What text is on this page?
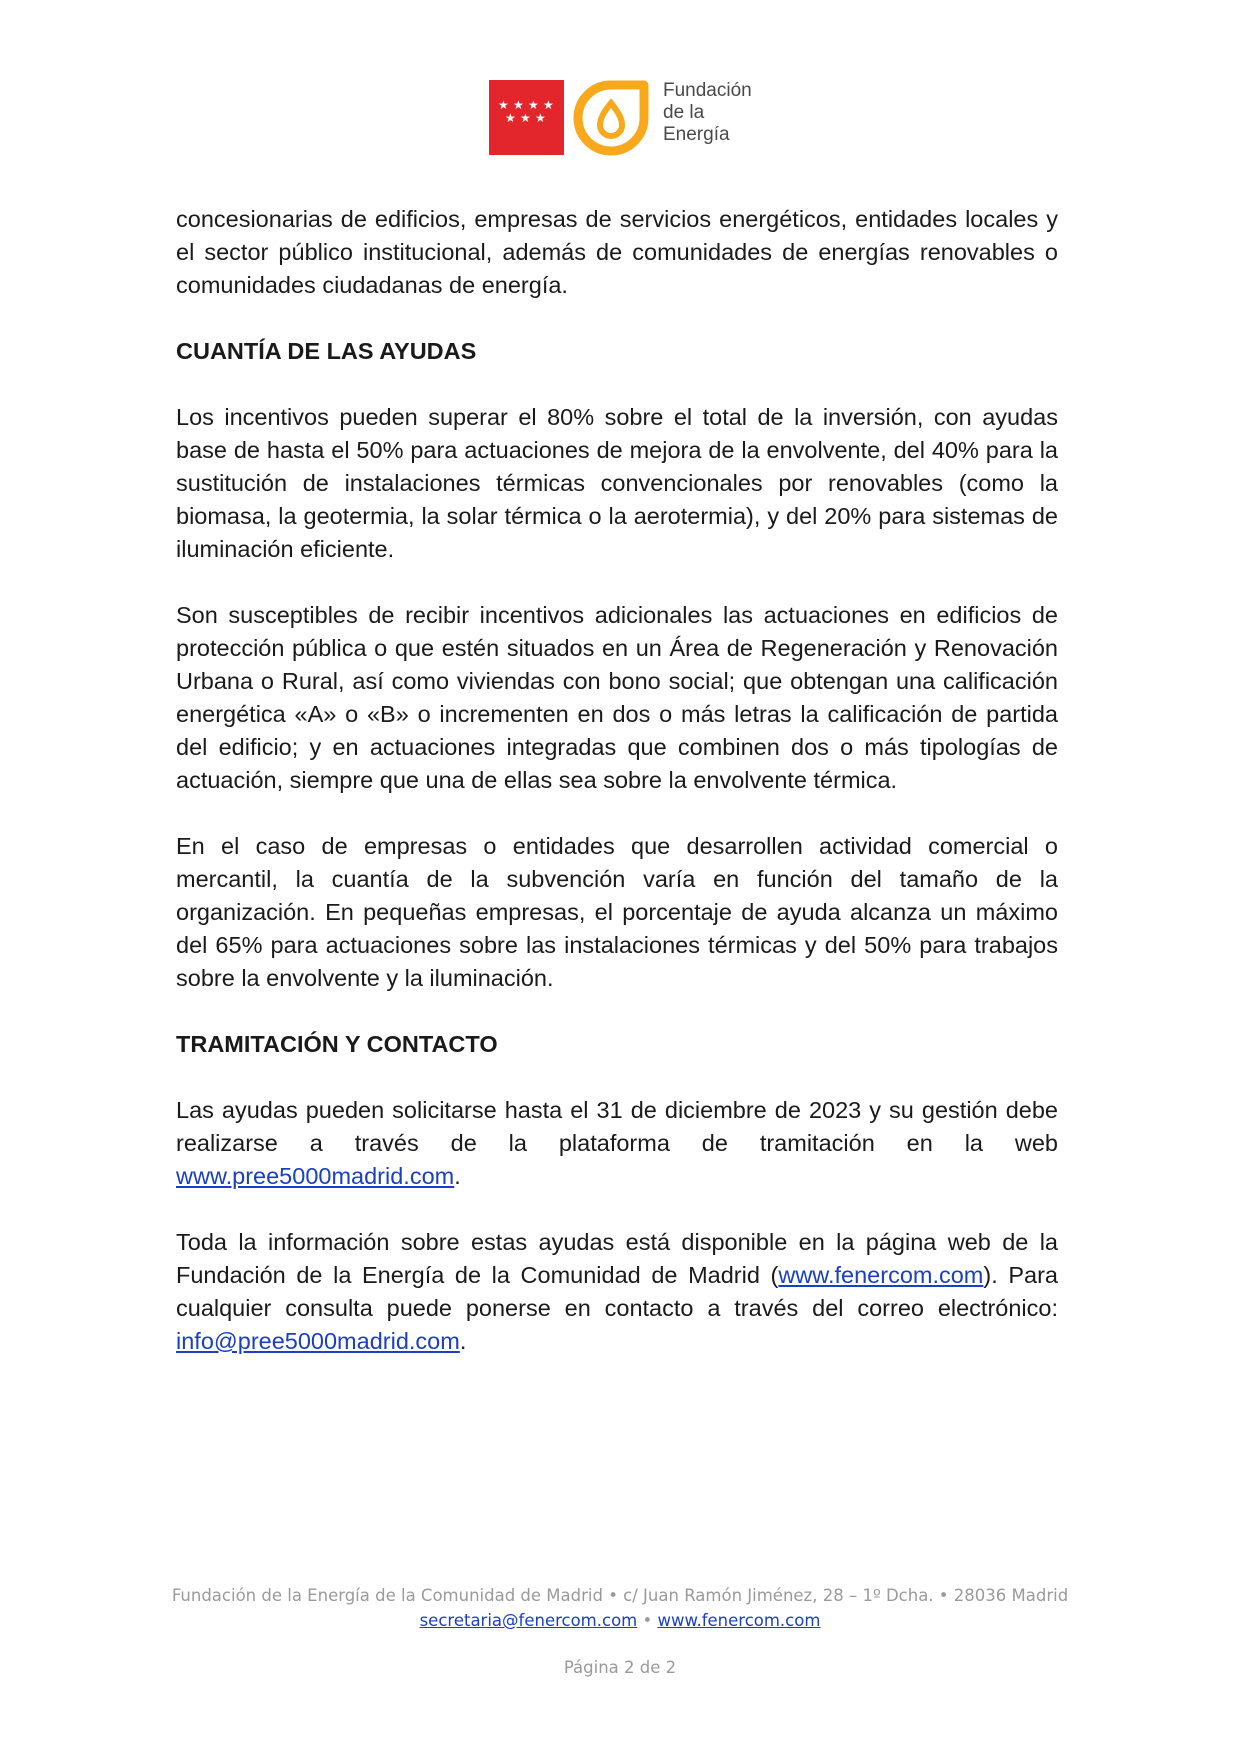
★ ★ ★ ★
★ ★ ★
Fundación
de la
Energía

concesionarias de edificios, empresas de servicios energéticos, entidades locales y el sector público institucional, además de comunidades de energías renovables o comunidades ciudadanas de energía.

CUANTÍA DE LAS AYUDAS

Los incentivos pueden superar el 80% sobre el total de la inversión, con ayudas base de hasta el 50% para actuaciones de mejora de la envolvente, del 40% para la sustitución de instalaciones térmicas convencionales por renovables (como la biomasa, la geotermia, la solar térmica o la aerotermia), y del 20% para sistemas de iluminación eficiente.

Son susceptibles de recibir incentivos adicionales las actuaciones en edificios de protección pública o que estén situados en un Área de Regeneración y Renovación Urbana o Rural, así como viviendas con bono social; que obtengan una calificación energética «A» o «B» o incrementen en dos o más letras la calificación de partida del edificio; y en actuaciones integradas que combinen dos o más tipologías de actuación, siempre que una de ellas sea sobre la envolvente térmica.

En el caso de empresas o entidades que desarrollen actividad comercial o mercantil, la cuantía de la subvención varía en función del tamaño de la organización. En pequeñas empresas, el porcentaje de ayuda alcanza un máximo del 65% para actuaciones sobre las instalaciones térmicas y del 50% para trabajos sobre la envolvente y la iluminación.

TRAMITACIÓN Y CONTACTO

Las ayudas pueden solicitarse hasta el 31 de diciembre de 2023 y su gestión debe realizarse a través de la plataforma de tramitación en la web www.pree5000madrid.com.

Toda la información sobre estas ayudas está disponible en la página web de la Fundación de la Energía de la Comunidad de Madrid (www.fenercom.com). Para cualquier consulta puede ponerse en contacto a través del correo electrónico: info@pree5000madrid.com.

Fundación de la Energía de la Comunidad de Madrid • c/ Juan Ramón Jiménez, 28 – 1º Dcha. • 28036 Madrid
secretaria@fenercom.com • www.fenercom.com
Página 2 de 2
